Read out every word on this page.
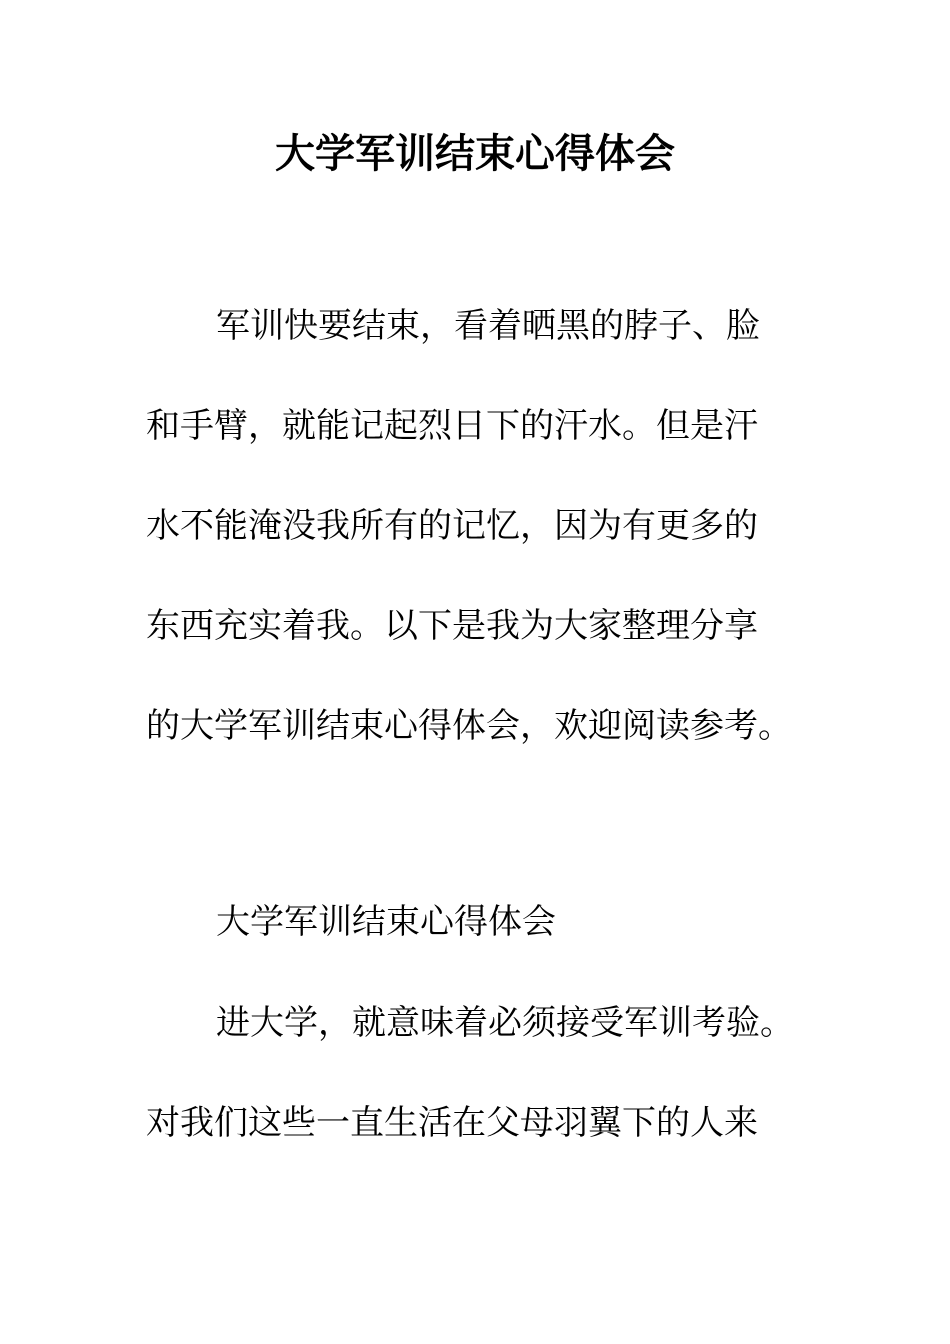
大学军训结束心得体会
军训快要结束，看着晒黑的脖子、脸
和手臂，就能记起烈日下的汗水。但是汗
水不能淹没我所有的记忆，因为有更多的
东西充实着我。以下是我为大家整理分享
的大学军训结束心得体会，欢迎阅读参考。
大学军训结束心得体会
进大学，就意味着必须接受军训考验。
对我们这些一直生活在父母羽翼下的人来
